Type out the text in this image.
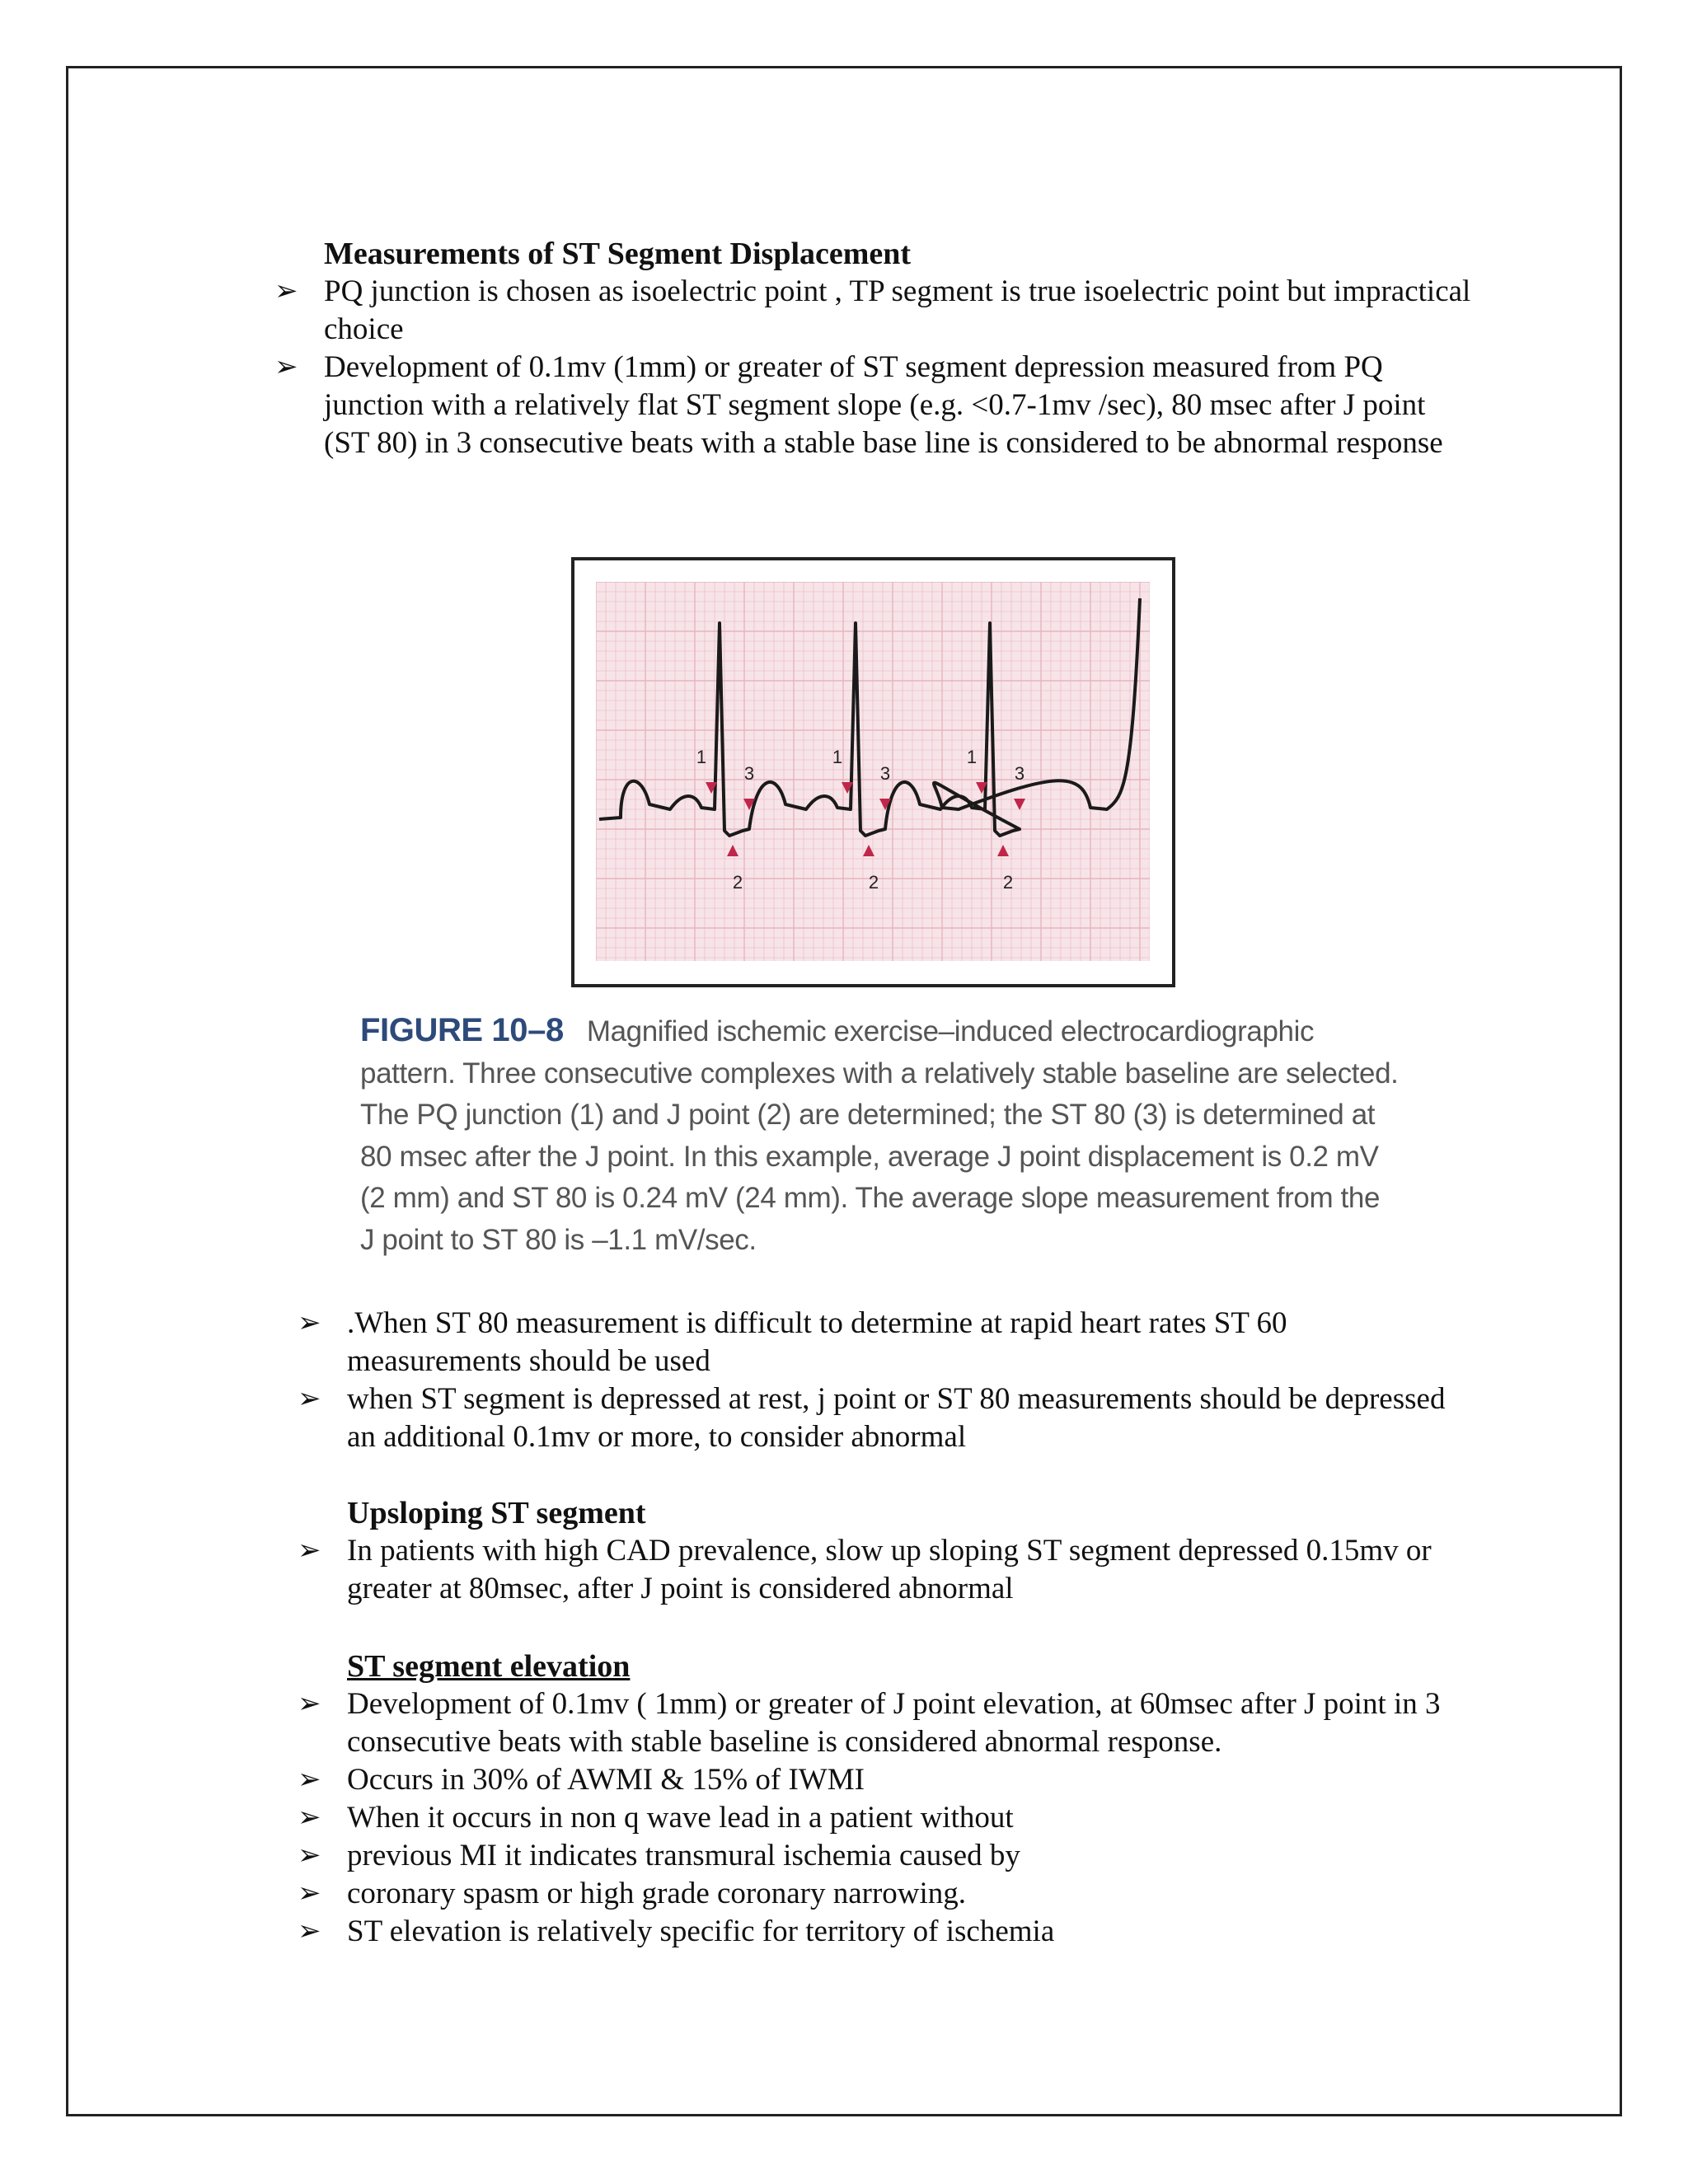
Measurements of ST Segment Displacement
➢ PQ junction is chosen as isoelectric point , TP segment is true isoelectric point but impractical choice
➢ Development of 0.1mv (1mm) or greater of ST segment depression measured from PQ junction with a relatively flat ST segment slope (e.g. <0.7-1mv /sec), 80 msec after J point (ST 80) in 3 consecutive beats with a stable base line is considered to be abnormal response
1
3
2
1
3
2
1
3
2
FIGURE 10–8 Magnified ischemic exercise–induced electrocardiographic pattern. Three consecutive complexes with a relatively stable baseline are selected. The PQ junction (1) and J point (2) are determined; the ST 80 (3) is determined at 80 msec after the J point. In this example, average J point displacement is 0.2 mV (2 mm) and ST 80 is 0.24 mV (24 mm). The average slope measurement from the J point to ST 80 is –1.1 mV/sec.
➢ .When ST 80 measurement is difficult to determine at rapid heart rates ST 60 measurements should be used
➢ when ST segment is depressed at rest, j point or ST 80 measurements should be depressed an additional 0.1mv or more, to consider abnormal
Upsloping ST segment
➢ In patients with high CAD prevalence, slow up sloping ST segment depressed 0.15mv or greater at 80msec, after J point is considered abnormal
ST segment elevation
➢ Development of 0.1mv ( 1mm) or greater of J point elevation, at 60msec after J point in 3 consecutive beats with stable baseline is considered abnormal response.
➢ Occurs in 30% of AWMI & 15% of IWMI
➢ When it occurs in non q wave lead in a patient without
➢ previous MI it indicates transmural ischemia caused by
➢ coronary spasm or high grade coronary narrowing.
➢ ST elevation is relatively specific for territory of ischemia
